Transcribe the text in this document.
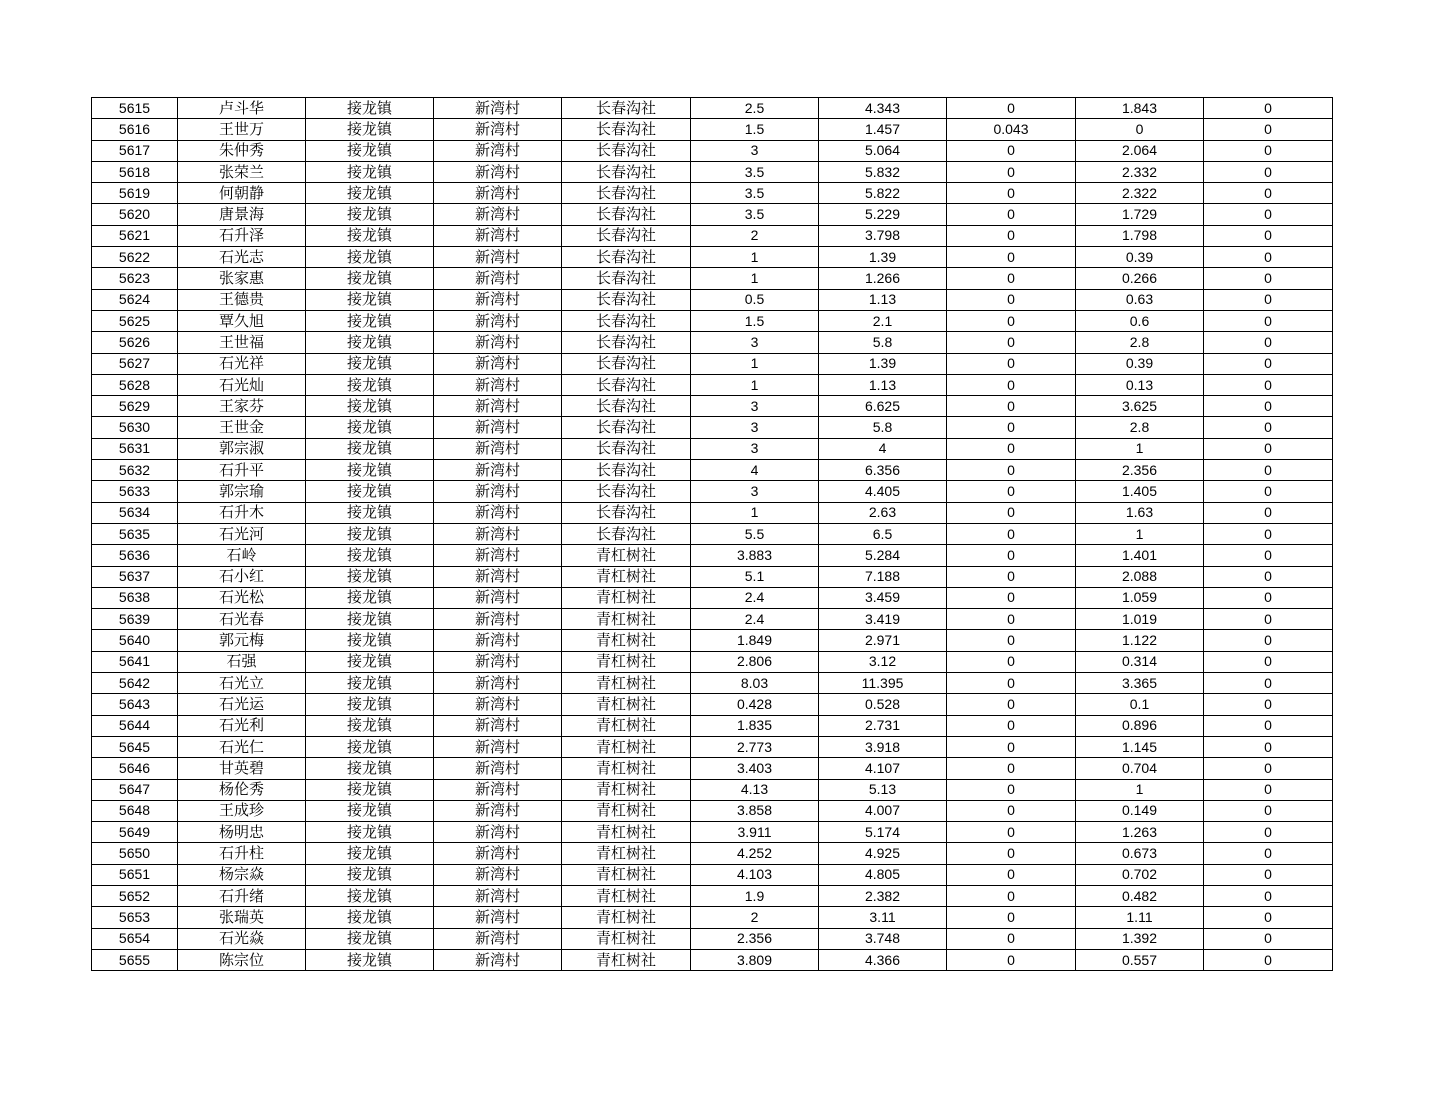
5615	卢斗华	接龙镇	新湾村	长春沟社	2.5	4.343	0	1.843	0
5616	王世万	接龙镇	新湾村	长春沟社	1.5	1.457	0.043	0	0
5617	朱仲秀	接龙镇	新湾村	长春沟社	3	5.064	0	2.064	0
5618	张荣兰	接龙镇	新湾村	长春沟社	3.5	5.832	0	2.332	0
5619	何朝静	接龙镇	新湾村	长春沟社	3.5	5.822	0	2.322	0
5620	唐景海	接龙镇	新湾村	长春沟社	3.5	5.229	0	1.729	0
5621	石升泽	接龙镇	新湾村	长春沟社	2	3.798	0	1.798	0
5622	石光志	接龙镇	新湾村	长春沟社	1	1.39	0	0.39	0
5623	张家惠	接龙镇	新湾村	长春沟社	1	1.266	0	0.266	0
5624	王德贵	接龙镇	新湾村	长春沟社	0.5	1.13	0	0.63	0
5625	覃久旭	接龙镇	新湾村	长春沟社	1.5	2.1	0	0.6	0
5626	王世福	接龙镇	新湾村	长春沟社	3	5.8	0	2.8	0
5627	石光祥	接龙镇	新湾村	长春沟社	1	1.39	0	0.39	0
5628	石光灿	接龙镇	新湾村	长春沟社	1	1.13	0	0.13	0
5629	王家芬	接龙镇	新湾村	长春沟社	3	6.625	0	3.625	0
5630	王世金	接龙镇	新湾村	长春沟社	3	5.8	0	2.8	0
5631	郭宗淑	接龙镇	新湾村	长春沟社	3	4	0	1	0
5632	石升平	接龙镇	新湾村	长春沟社	4	6.356	0	2.356	0
5633	郭宗瑜	接龙镇	新湾村	长春沟社	3	4.405	0	1.405	0
5634	石升木	接龙镇	新湾村	长春沟社	1	2.63	0	1.63	0
5635	石光河	接龙镇	新湾村	长春沟社	5.5	6.5	0	1	0
5636	石岭	接龙镇	新湾村	青杠树社	3.883	5.284	0	1.401	0
5637	石小红	接龙镇	新湾村	青杠树社	5.1	7.188	0	2.088	0
5638	石光松	接龙镇	新湾村	青杠树社	2.4	3.459	0	1.059	0
5639	石光春	接龙镇	新湾村	青杠树社	2.4	3.419	0	1.019	0
5640	郭元梅	接龙镇	新湾村	青杠树社	1.849	2.971	0	1.122	0
5641	石强	接龙镇	新湾村	青杠树社	2.806	3.12	0	0.314	0
5642	石光立	接龙镇	新湾村	青杠树社	8.03	11.395	0	3.365	0
5643	石光运	接龙镇	新湾村	青杠树社	0.428	0.528	0	0.1	0
5644	石光利	接龙镇	新湾村	青杠树社	1.835	2.731	0	0.896	0
5645	石光仁	接龙镇	新湾村	青杠树社	2.773	3.918	0	1.145	0
5646	甘英碧	接龙镇	新湾村	青杠树社	3.403	4.107	0	0.704	0
5647	杨伦秀	接龙镇	新湾村	青杠树社	4.13	5.13	0	1	0
5648	王成珍	接龙镇	新湾村	青杠树社	3.858	4.007	0	0.149	0
5649	杨明忠	接龙镇	新湾村	青杠树社	3.911	5.174	0	1.263	0
5650	石升柱	接龙镇	新湾村	青杠树社	4.252	4.925	0	0.673	0
5651	杨宗焱	接龙镇	新湾村	青杠树社	4.103	4.805	0	0.702	0
5652	石升绪	接龙镇	新湾村	青杠树社	1.9	2.382	0	0.482	0
5653	张瑞英	接龙镇	新湾村	青杠树社	2	3.11	0	1.11	0
5654	石光焱	接龙镇	新湾村	青杠树社	2.356	3.748	0	1.392	0
5655	陈宗位	接龙镇	新湾村	青杠树社	3.809	4.366	0	0.557	0
